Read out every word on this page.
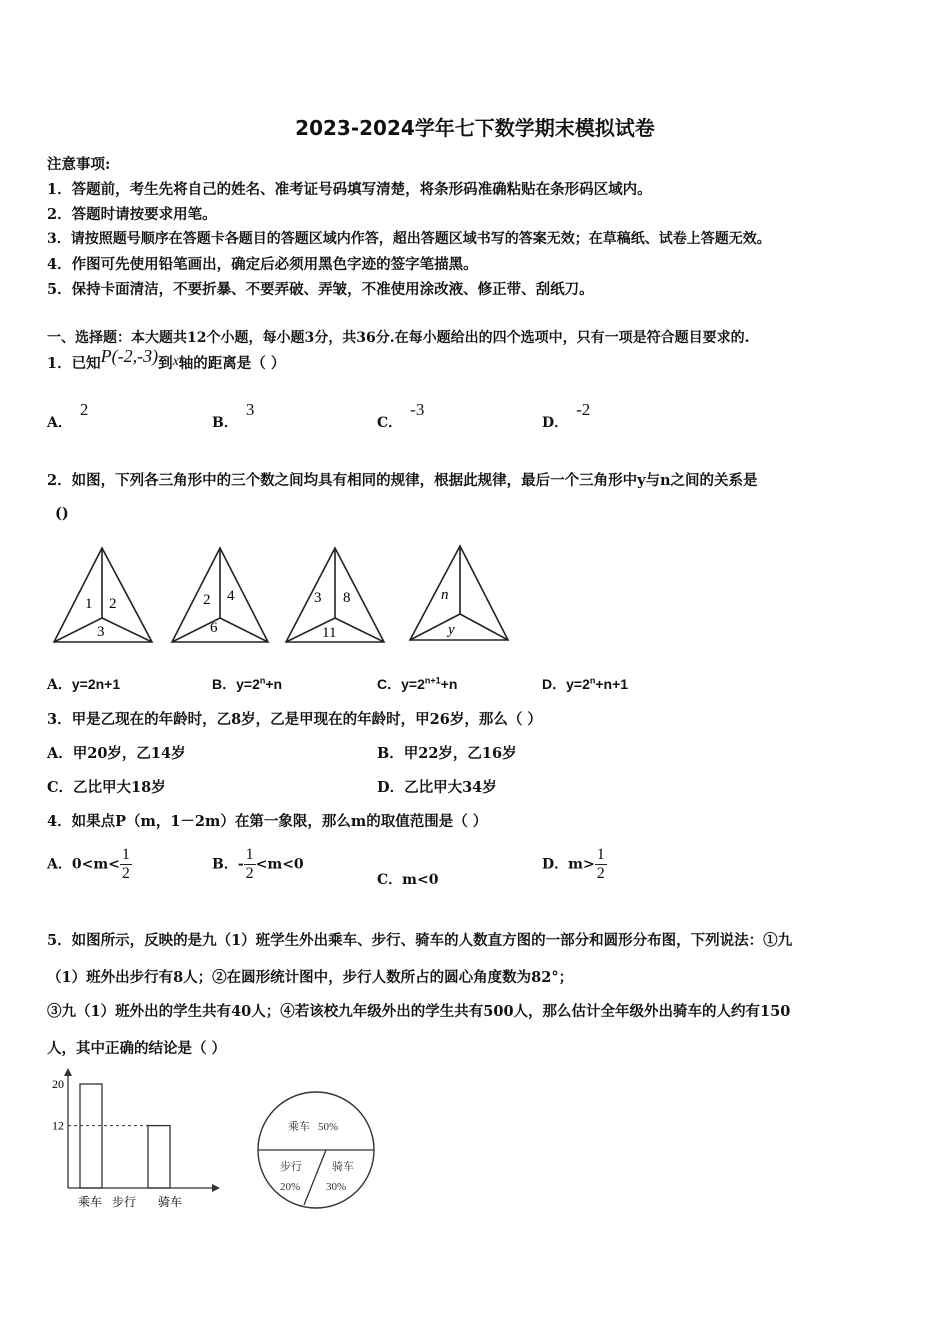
2023-2024学年七下数学期末模拟试卷
注意事项:
1．答题前，考生先将自己的姓名、准考证号码填写清楚，将条形码准确粘贴在条形码区域内。
2．答题时请按要求用笔。
3．请按照题号顺序在答题卡各题目的答题区域内作答，超出答题区域书写的答案无效；在草稿纸、试卷上答题无效。
4．作图可先使用铅笔画出，确定后必须用黑色字迹的签字笔描黑。
5．保持卡面清洁，不要折暴、不要弄破、弄皱，不准使用涂改液、修正带、刮纸刀。
一、选择题：本大题共12个小题，每小题3分，共36分.在每小题给出的四个选项中，只有一项是符合题目要求的.
1．已知P(-2,-3)到x轴的距离是（ ）
A．2
B．3
C．-3
D．-2
2．如图，下列各三角形中的三个数之间均具有相同的规律，根据此规律，最后一个三角形中y与n之间的关系是
()
1 2
3
2 4
6
3 8
11
n
y
A．y=2n+1	B．$y=2^n+n$	C．$y=2^{n+1}+n$	D．$y=2^n+n+1$
3．甲是乙现在的年龄时，乙8岁，乙是甲现在的年龄时，甲26岁，那么（ ）
A．甲20岁，乙14岁	B．甲22岁，乙16岁
C．乙比甲大18岁	D．乙比甲大34岁
4．如果点P（m，1－2m）在第一象限，那么m的取值范围是（ ）
A．$0<m< \frac{1}{2}$	B．- $\frac{1}{2} <m<0$
C．m<0
D．$m> \frac{1}{2}$
5．如图所示，反映的是九（1）班学生外出乘车、步行、骑车的人数直方图的一部分和圆形分布图，下列说法：①九
（1）班外出步行有8人；②在圆形统计图中，步行人数所占的圆心角度数为82°；
③九（1）班外出的学生共有40人；④若该校九年级外出的学生共有500人，那么估计全年级外出骑车的人约有150
人，其中正确的结论是（ ）
20
12
乘车 步行 骑车
乘车 50%
步行
20%
骑车
30%
